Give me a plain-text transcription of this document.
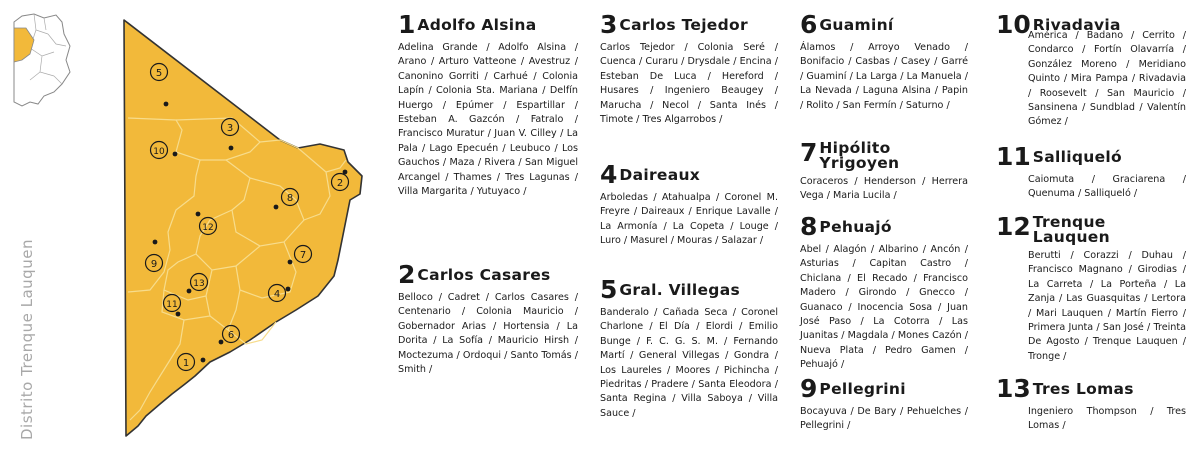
Distrito Trenque Lauquen
5
3
10
2
8
12
7
9
13
4
11
6
1
1 Adolfo Alsina
Adelina Grande / Adolfo Alsina / Arano / Arturo Vatteone / Avestruz / Canonino Gorriti / Carhué / Colonia Lapín / Colonia Sta. Mariana / Delfín Huergo / Epúmer / Espartillar / Esteban A. Gazcón / Fatralo / Francisco Muratur / Juan V. Cilley / La Pala / Lago Epecuén / Leubuco / Los Gauchos / Maza / Rivera / San Miguel Arcangel / Thames / Tres Lagunas / Villa Margarita / Yutuyaco /
2 Carlos Casares
Belloco / Cadret / Carlos Casares / Centenario / Colonia Mauricio / Gobernador Arias / Hortensia / La Dorita / La Sofía / Mauricio Hirsh / Moctezuma / Ordoqui / Santo Tomás / Smith /
3 Carlos Tejedor
Carlos Tejedor / Colonia Seré / Cuenca / Curaru / Drysdale / Encina / Esteban De Luca / Hereford / Husares / Ingeniero Beaugey / Marucha / Necol / Santa Inés / Timote / Tres Algarrobos /
4 Daireaux
Arboledas / Atahualpa / Coronel M. Freyre / Daireaux / Enrique Lavalle / La Armonía / La Copeta / Louge / Luro / Masurel / Mouras / Salazar /
5 Gral. Villegas
Banderalo / Cañada Seca / Coronel Charlone / El Día / Elordi / Emilio Bunge / F. C. G. S. M. / Fernando Martí / General Villegas / Gondra / Los Laureles / Moores / Pichincha / Piedritas / Pradere / Santa Eleodora / Santa Regina / Villa Saboya / Villa Sauce /
6 Guaminí
Álamos / Arroyo Venado / Bonifacio / Casbas / Casey / Garré / Guaminí / La Larga / La Manuela / La Nevada / Laguna Alsina / Papin / Rolito / San Fermín / Saturno /
7 Hipólito Yrigoyen
Coraceros / Henderson / Herrera Vega / Maria Lucila /
8 Pehuajó
Abel / Alagón / Albarino / Ancón / Asturias / Capitan Castro / Chiclana / El Recado / Francisco Madero / Girondo / Gnecco / Guanaco / Inocencia Sosa / Juan José Paso / La Cotorra / Las Juanitas / Magdala / Mones Cazón / Nueva Plata / Pedro Gamen / Pehuajó /
9 Pellegrini
Bocayuva / De Bary / Pehuelches / Pellegrini /
10 Rivadavia
América / Badano / Cerrito / Condarco / Fortín Olavarría / González Moreno / Meridiano Quinto / Mira Pampa / Rivadavia / Roosevelt / San Mauricio / Sansinena / Sundblad / Valentín Gómez /
11 Salliqueló
Caiomuta / Graciarena / Quenuma / Salliqueló /
12 Trenque Lauquen
Berutti / Corazzi / Duhau / Francisco Magnano / Girodias / La Carreta / La Porteña / La Zanja / Las Guasquitas / Lertora / Mari Lauquen / Martín Fierro / Primera Junta / San José / Treinta De Agosto / Trenque Lauquen / Tronge /
13 Tres Lomas
Ingeniero Thompson / Tres Lomas /
